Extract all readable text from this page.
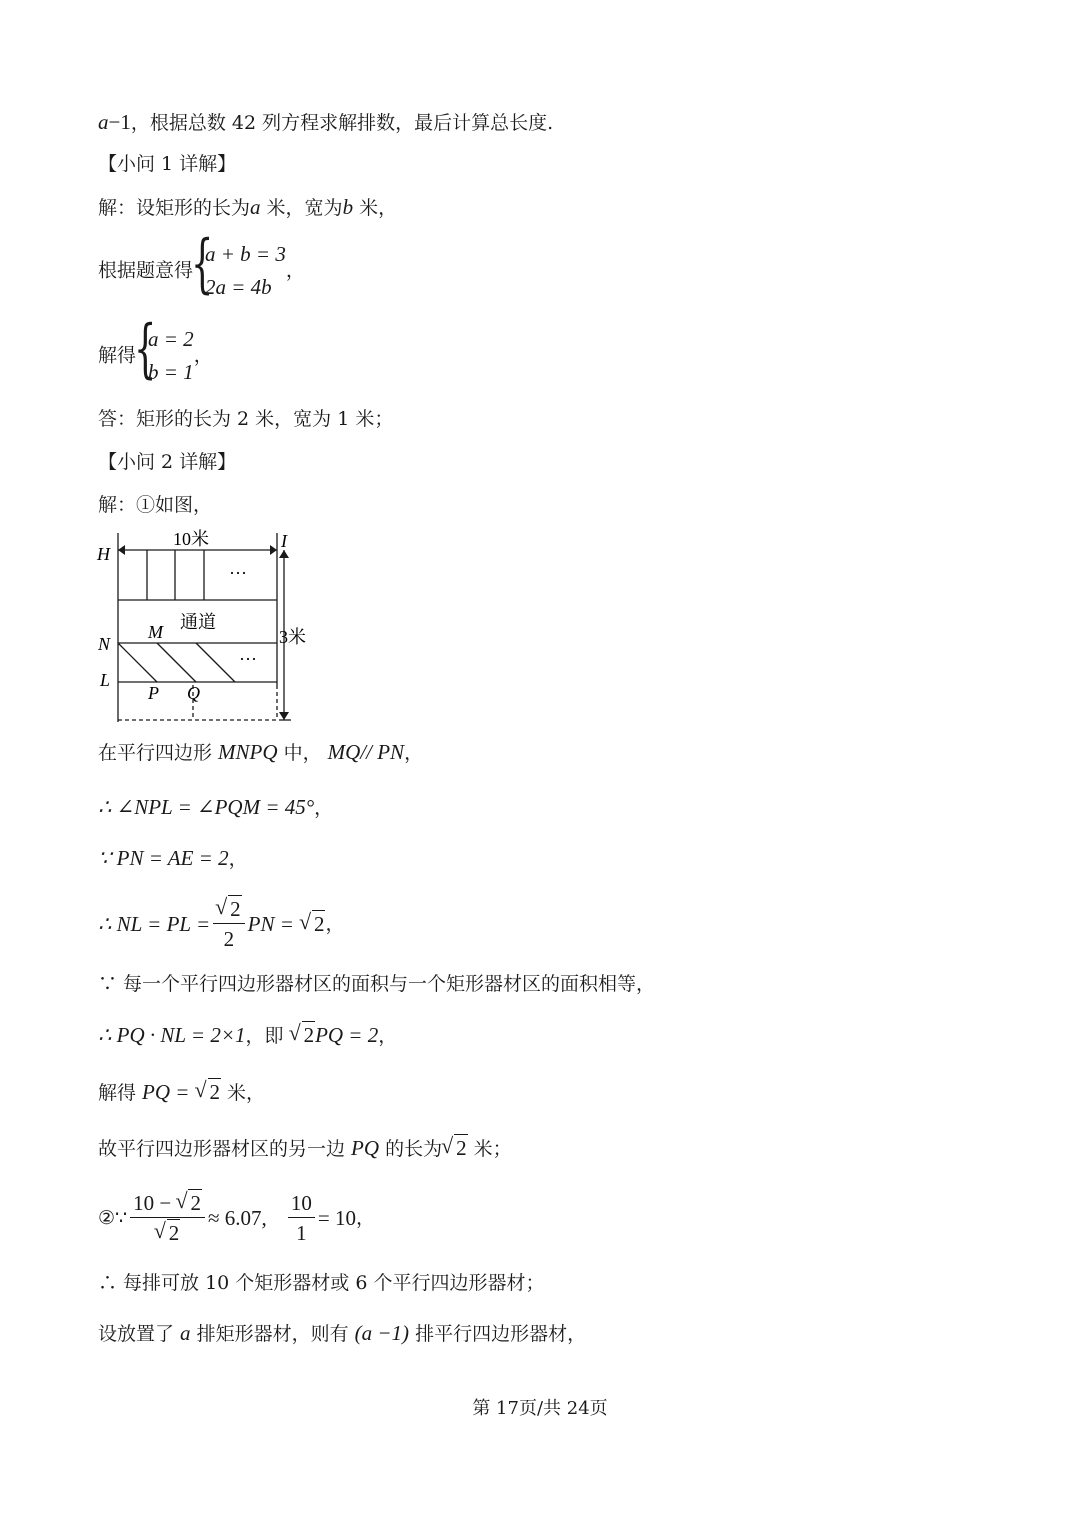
a−1，根据总数 42 列方程求解排数，最后计算总长度.
【小问 1 详解】
解：设矩形的长为a 米，宽为b 米，
根据题意得
{
a + b = 3
2a = 4b
，
解得
{
a = 2
b = 1
，
答：矩形的长为 2 米，宽为 1 米；
【小问 2 详解】
解：①如图，
10米
H
I
···
通道
M
N
···
L
P Q
3米
在平行四边形 MNPQ 中， MQ// PN，
∴ ∠NPL = ∠PQM = 45°，
∵ PN = AE = 2，
∴ NL = PL = √ $\frac{2}{2}$ PN = √ 2，
∵ 每一个平行四边形器材区的面积与一个矩形器材区的面积相等，
∴ PQ · NL = 2×1，即 √ 2PQ = 2，
解得 PQ = √ 2 米，
故平行四边形器材区的另一边 PQ 的长为 √ 2 米；
②∵ 10 − √ 2
√ 2 ≈ 6.07, $\frac{10}{1} = 10$，
∴ 每排可放 10 个矩形器材或 6 个平行四边形器材；
设放置了 a 排矩形器材，则有 (a −1) 排平行四边形器材，
第 17页/共 24页
